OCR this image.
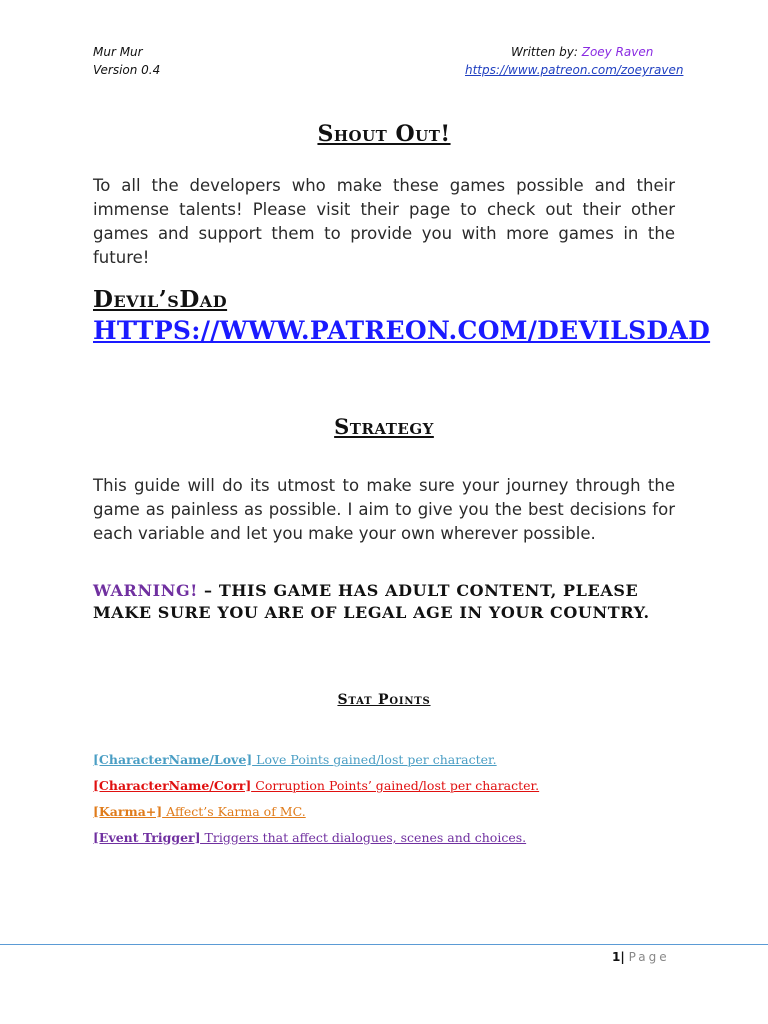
Mur Mur
Version 0.4
Written by: Zoey Raven
https://www.patreon.com/zoeyraven
Shout Out!
To all the developers who make these games possible and their immense talents! Please visit their page to check out their other games and support them to provide you with more games in the future!
Devil’sDad
HTTPS://WWW.PATREON.COM/DEVILSDAD
Strategy
This guide will do its utmost to make sure your journey through the game as painless as possible. I aim to give you the best decisions for each variable and let you make your own wherever possible.
WARNING! – THIS GAME HAS ADULT CONTENT, PLEASE MAKE SURE YOU ARE OF LEGAL AGE IN YOUR COUNTRY.
Stat Points
[CharacterName/Love] Love Points gained/lost per character.
[CharacterName/Corr] Corruption Points’ gained/lost per character.
[Karma+] Affect’s Karma of MC.
[Event Trigger] Triggers that affect dialogues, scenes and choices.
1| Page
